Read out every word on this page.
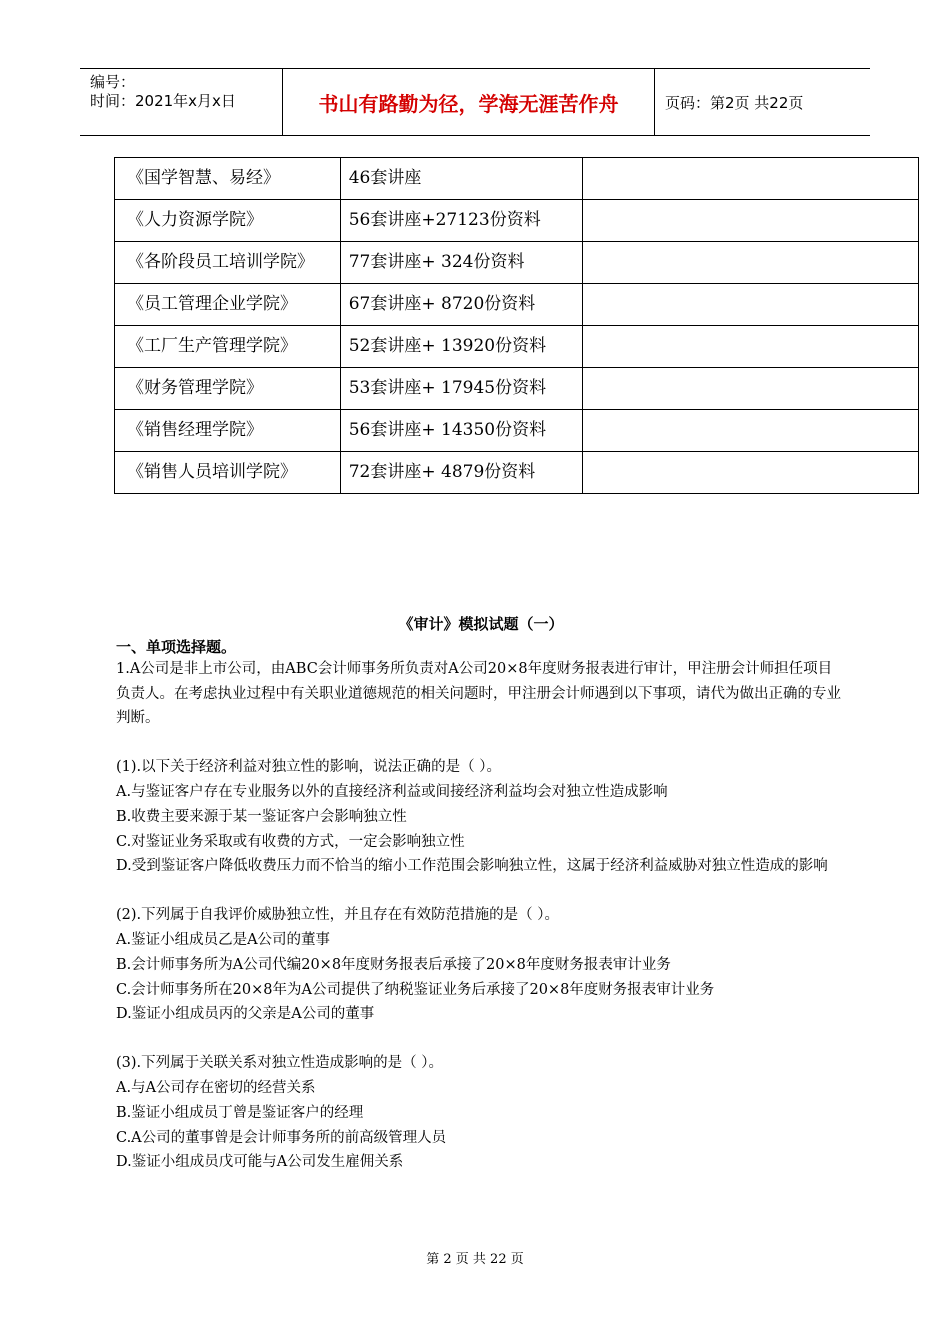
编号：
时间：2021年x月x日	书山有路勤为径，学海无涯苦作舟	页码：第2页 共22页
《国学智慧、易经》	46套讲座	
《人力资源学院》	56套讲座+27123份资料	
《各阶段员工培训学院》	77套讲座+ 324份资料	
《员工管理企业学院》	67套讲座+ 8720份资料	
《工厂生产管理学院》	52套讲座+ 13920份资料	
《财务管理学院》	53套讲座+ 17945份资料	
《销售经理学院》	56套讲座+ 14350份资料	
《销售人员培训学院》	72套讲座+ 4879份资料	
《审计》模拟试题（一）
一、单项选择题。

1.A公司是非上市公司，由ABC会计师事务所负责对A公司20×8年度财务报表进行审计，甲注册会计师担任项目负责人。在考虑执业过程中有关职业道德规范的相关问题时，甲注册会计师遇到以下事项，请代为做出正确的专业判断。

(1).以下关于经济利益对独立性的影响，说法正确的是（ ）。

A.与鉴证客户存在专业服务以外的直接经济利益或间接经济利益均会对独立性造成影响

B.收费主要来源于某一鉴证客户会影响独立性

C.对鉴证业务采取或有收费的方式，一定会影响独立性

D.受到鉴证客户降低收费压力而不恰当的缩小工作范围会影响独立性，这属于经济利益威胁对独立性造成的影响

(2).下列属于自我评价威胁独立性，并且存在有效防范措施的是（ ）。

A.鉴证小组成员乙是A公司的董事

B.会计师事务所为A公司代编20×8年度财务报表后承接了20×8年度财务报表审计业务

C.会计师事务所在20×8年为A公司提供了纳税鉴证业务后承接了20×8年度财务报表审计业务

D.鉴证小组成员丙的父亲是A公司的董事

(3).下列属于关联关系对独立性造成影响的是（ ）。

A.与A公司存在密切的经营关系

B.鉴证小组成员丁曾是鉴证客户的经理

C.A公司的董事曾是会计师事务所的前高级管理人员

D.鉴证小组成员戊可能与A公司发生雇佣关系

第 2 页 共 22 页
